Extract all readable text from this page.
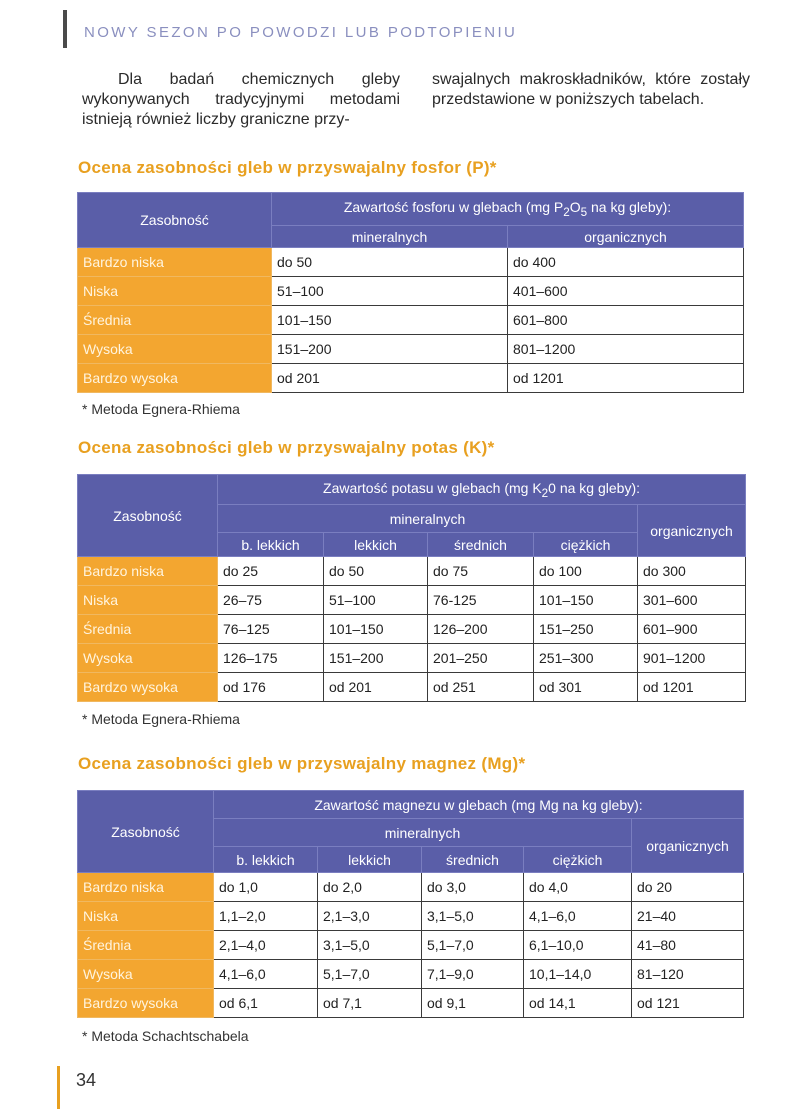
NOWY SEZON PO POWODZI LUB PODTOPIENIU

Dla badań chemicznych gleby wykonywanych tradycyjnymi metodami istnieją również liczby graniczne przy-

swajalnych makroskładników, które zostały przedstawione w poniższych tabelach.

Ocena zasobności gleb w przyswajalny fosfor (P)*
Zasobność	Zawartość fosforu w glebach (mg $P_2O_5$ na kg gleby):	
	mineralnych	organicznych
Bardzo niska	do 50	do 400
Niska	51–100	401–600
Średnia	101–150	601–800
Wysoka	151–200	801–1200
Bardzo wysoka	od 201	od 1201
* Metoda Egnera-Rhiema
Ocena zasobności gleb w przyswajalny potas (K)*
Zasobność	Zawartość potasu w glebach (mg $K_20$ na kg gleby):				
	mineralnych				organicznych
	b. lekkich	lekkich	średnich	ciężkich	
Bardzo niska	do 25	do 50	do 75	do 100	do 300
Niska	26–75	51–100	76-125	101–150	301–600
Średnia	76–125	101–150	126–200	151–250	601–900
Wysoka	126–175	151–200	201–250	251–300	901–1200
Bardzo wysoka	od 176	od 201	od 251	od 301	od 1201
* Metoda Egnera-Rhiema
Ocena zasobności gleb w przyswajalny magnez (Mg)*
Zasobność	Zawartość magnezu w glebach (mg Mg na kg gleby):				
	mineralnych				organicznych
	b. lekkich	lekkich	średnich	ciężkich	
Bardzo niska	do 1,0	do 2,0	do 3,0	do 4,0	do 20
Niska	1,1–2,0	2,1–3,0	3,1–5,0	4,1–6,0	21–40
Średnia	2,1–4,0	3,1–5,0	5,1–7,0	6,1–10,0	41–80
Wysoka	4,1–6,0	5,1–7,0	7,1–9,0	10,1–14,0	81–120
Bardzo wysoka	od 6,1	od 7,1	od 9,1	od 14,1	od 121
* Metoda Schachtschabela
34
